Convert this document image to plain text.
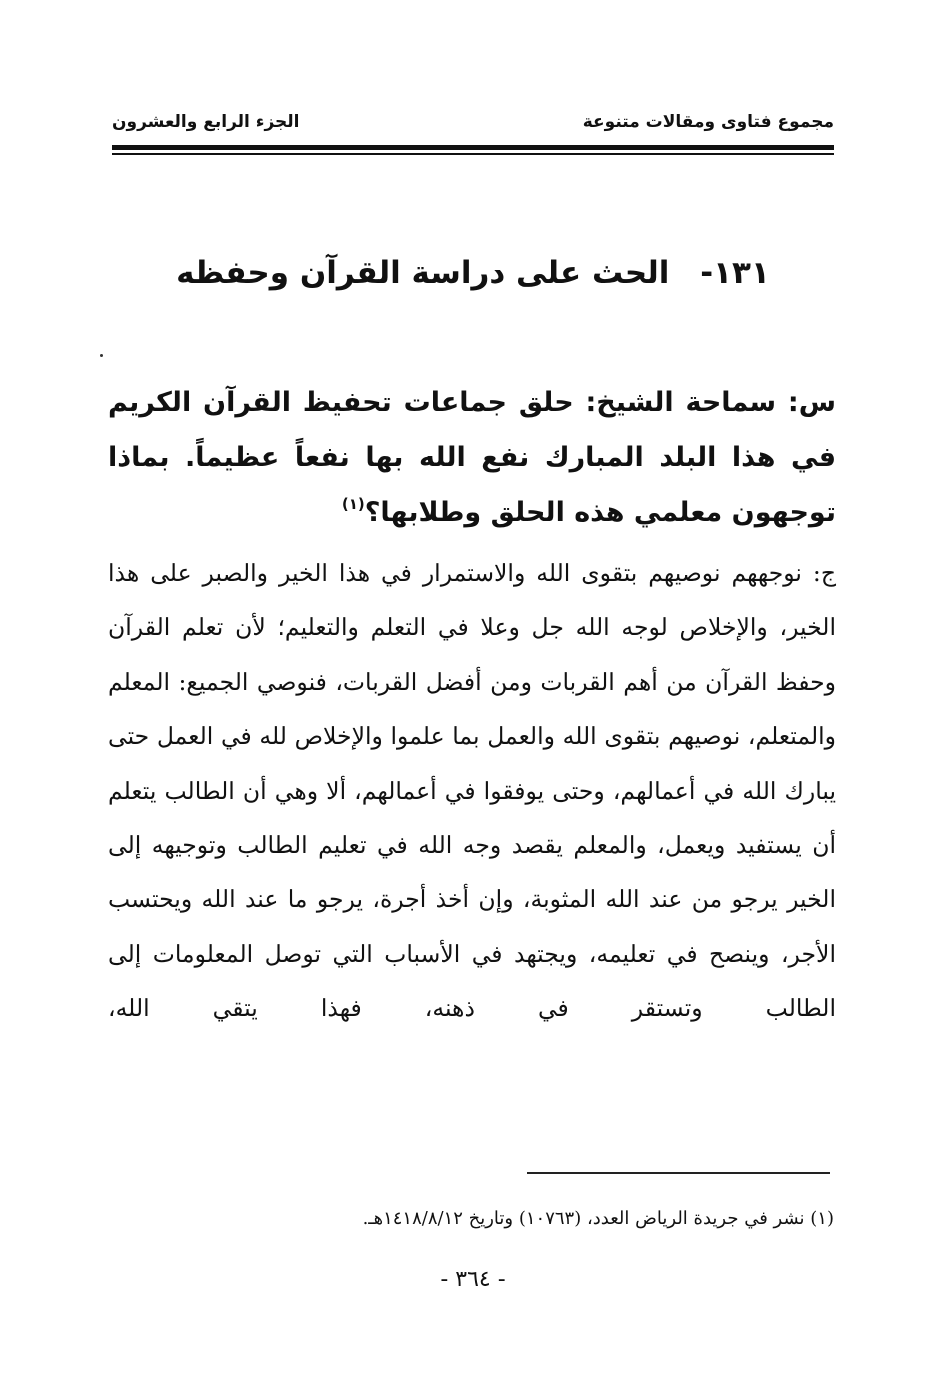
مجموع فتاوى ومقالات متنوعة
الجزء الرابع والعشرون
١٣١- الحث على دراسة القرآن وحفظه
س: سماحة الشيخ: حلق جماعات تحفيظ القرآن الكريم في هذا البلد المبارك نفع الله بها نفعاً عظيماً. بماذا توجهون معلمي هذه الحلق وطلابها؟$^{(١)}$
ج: نوجههم نوصيهم بتقوى الله والاستمرار في هذا الخير والصبر على هذا الخير، والإخلاص لوجه الله جل وعلا في التعلم والتعليم؛ لأن تعلم القرآن وحفظ القرآن من أهم القربات ومن أفضل القربات، فنوصي الجميع: المعلم والمتعلم، نوصيهم بتقوى الله والعمل بما علموا والإخلاص لله في العمل حتى يبارك الله في أعمالهم، وحتى يوفقوا في أعمالهم، ألا وهي أن الطالب يتعلم أن يستفيد ويعمل، والمعلم يقصد وجه الله في تعليم الطالب وتوجيهه إلى الخير يرجو من عند الله المثوبة، وإن أخذ أجرة، يرجو ما عند الله ويحتسب الأجر، وينصح في تعليمه، ويجتهد في الأسباب التي توصل المعلومات إلى الطالب وتستقر في ذهنه، فهذا يتقي الله،
(١) نشر في جريدة الرياض العدد، (١٠٧٦٣) وتاريخ ١٤١٨/٨/١٢هـ.
- ٣٦٤ -
